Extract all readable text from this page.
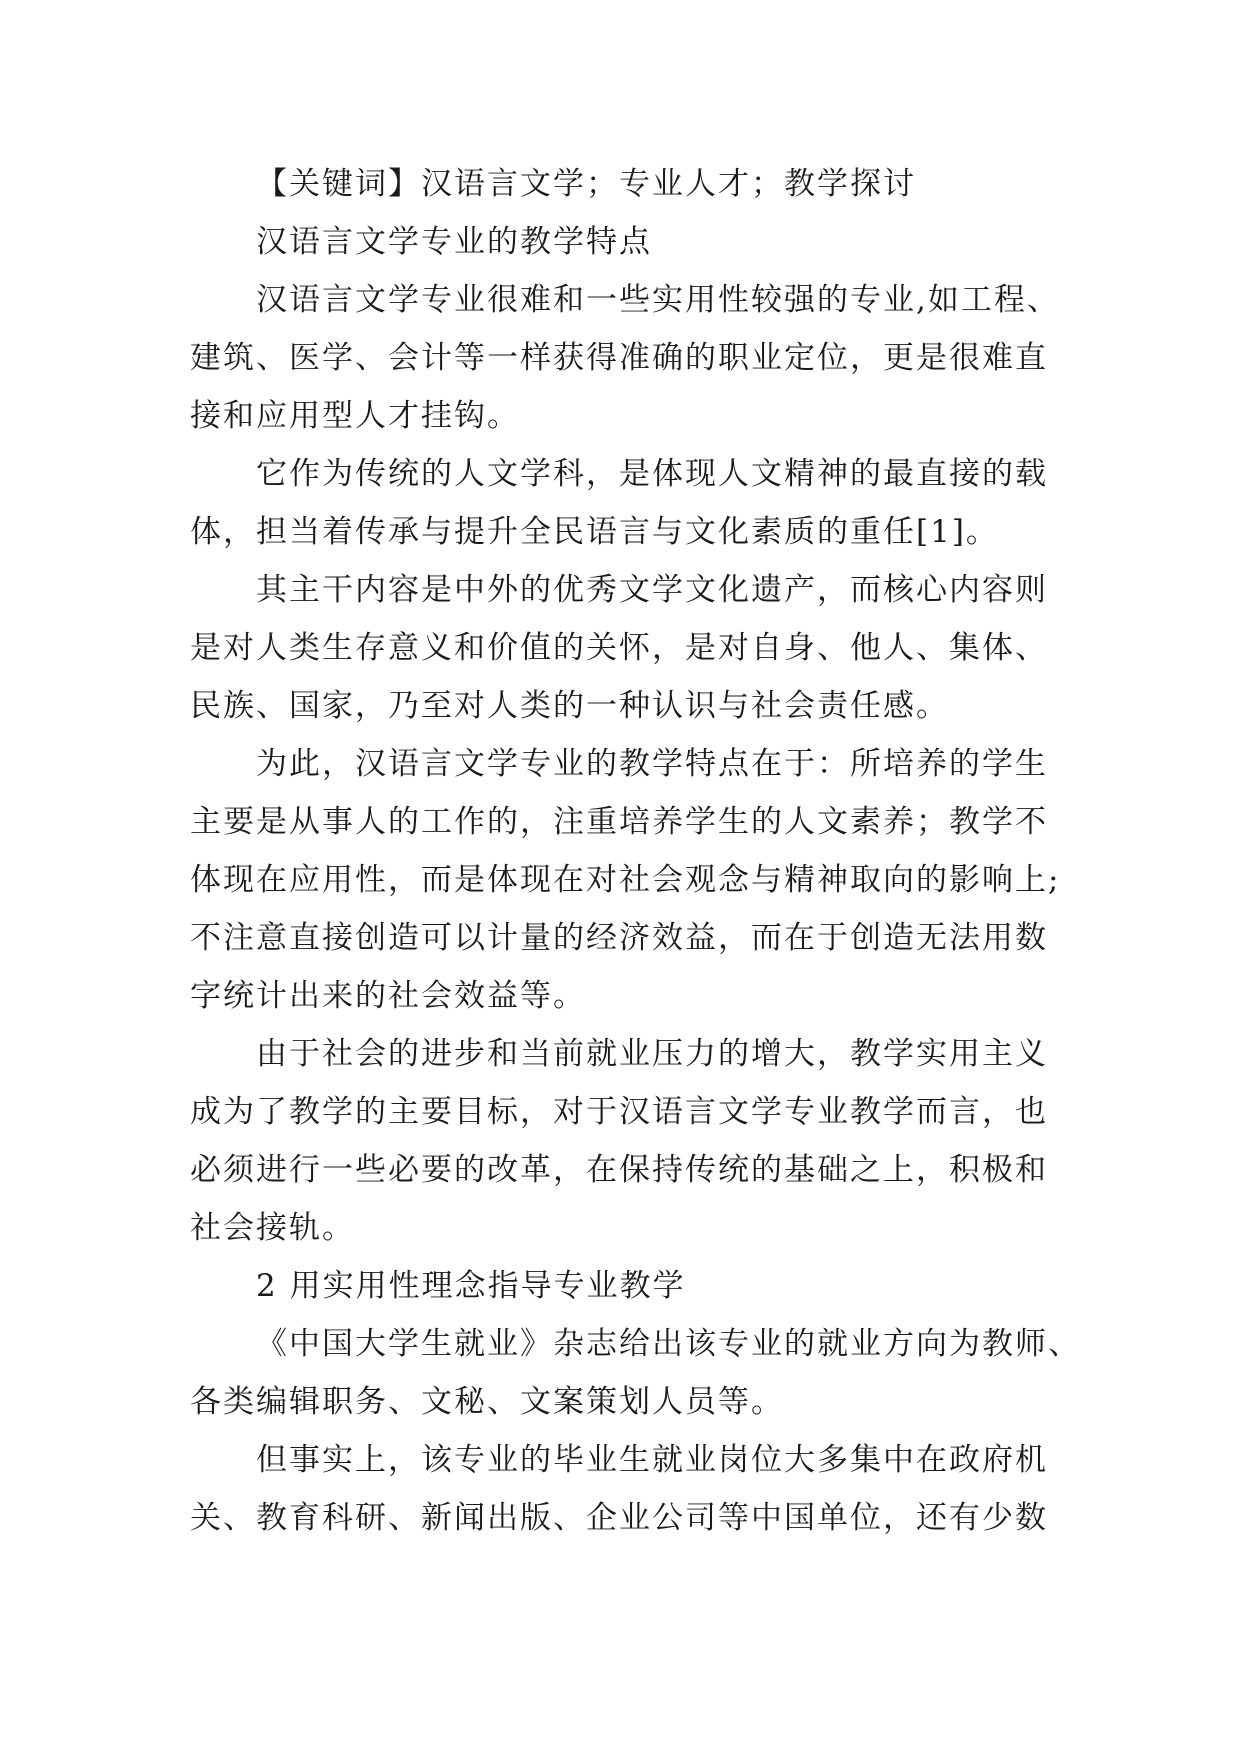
【关键词】汉语言文学；专业人才；教学探讨
汉语言文学专业的教学特点
汉语言文学专业很难和一些实用性较强的专业,如工程、
建筑、医学、会计等一样获得准确的职业定位，更是很难直
接和应用型人才挂钩。
它作为传统的人文学科，是体现人文精神的最直接的载
体，担当着传承与提升全民语言与文化素质的重任[1]。
其主干内容是中外的优秀文学文化遗产，而核心内容则
是对人类生存意义和价值的关怀，是对自身、他人、集体、
民族、国家，乃至对人类的一种认识与社会责任感。
为此，汉语言文学专业的教学特点在于：所培养的学生
主要是从事人的工作的，注重培养学生的人文素养；教学不
体现在应用性，而是体现在对社会观念与精神取向的影响上;
不注意直接创造可以计量的经济效益，而在于创造无法用数
字统计出来的社会效益等。
由于社会的进步和当前就业压力的增大，教学实用主义
成为了教学的主要目标，对于汉语言文学专业教学而言，也
必须进行一些必要的改革，在保持传统的基础之上，积极和
社会接轨。
2 用实用性理念指导专业教学
《中国大学生就业》杂志给出该专业的就业方向为教师、
各类编辑职务、文秘、文案策划人员等。
但事实上，该专业的毕业生就业岗位大多集中在政府机
关、教育科研、新闻出版、企业公司等中国单位，还有少数
